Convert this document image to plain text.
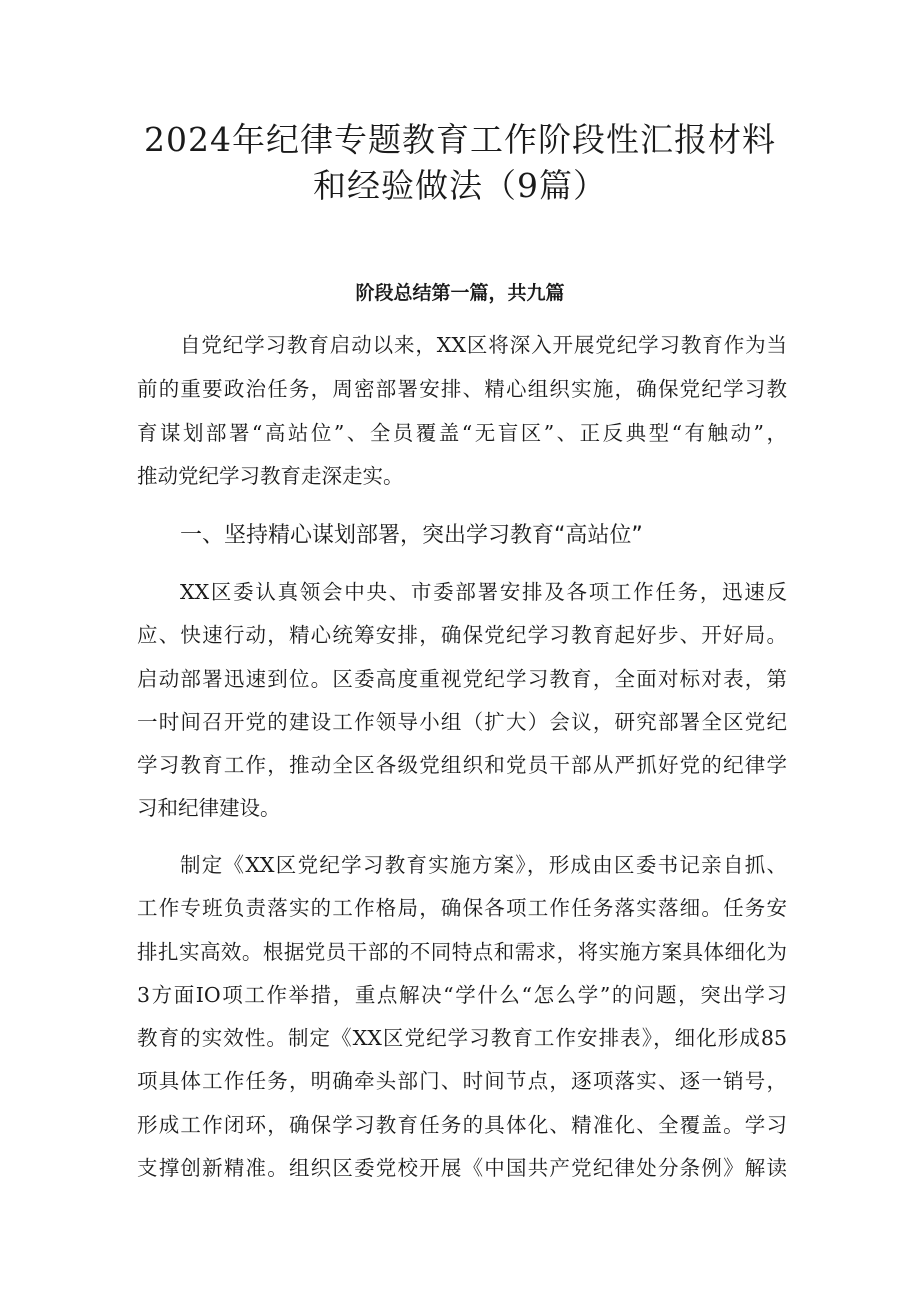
2024年纪律专题教育工作阶段性汇报材料
和经验做法（9篇）
阶段总结第一篇，共九篇
自党纪学习教育启动以来，XX区将深入开展党纪学习教育作为当
前的重要政治任务，周密部署安排、精心组织实施，确保党纪学习教
育谋划部署“高站位”、全员覆盖“无盲区”、正反典型“有触动”，
推动党纪学习教育走深走实。
一、坚持精心谋划部署，突出学习教育“高站位”
XX区委认真领会中央、市委部署安排及各项工作任务，迅速反
应、快速行动，精心统筹安排，确保党纪学习教育起好步、开好局。
启动部署迅速到位。区委高度重视党纪学习教育，全面对标对表，第
一时间召开党的建设工作领导小组（扩大）会议，研究部署全区党纪
学习教育工作，推动全区各级党组织和党员干部从严抓好党的纪律学
习和纪律建设。
制定《XX区党纪学习教育实施方案》，形成由区委书记亲自抓、
工作专班负责落实的工作格局，确保各项工作任务落实落细。任务安
排扎实高效。根据党员干部的不同特点和需求，将实施方案具体细化为
3方面IO项工作举措，重点解决“学什么“怎么学”的问题，突出学习
教育的实效性。制定《XX区党纪学习教育工作安排表》，细化形成85
项具体工作任务，明确牵头部门、时间节点，逐项落实、逐一销号，
形成工作闭环，确保学习教育任务的具体化、精准化、全覆盖。学习
支撑创新精准。组织区委党校开展《中国共产党纪律处分条例》解读
